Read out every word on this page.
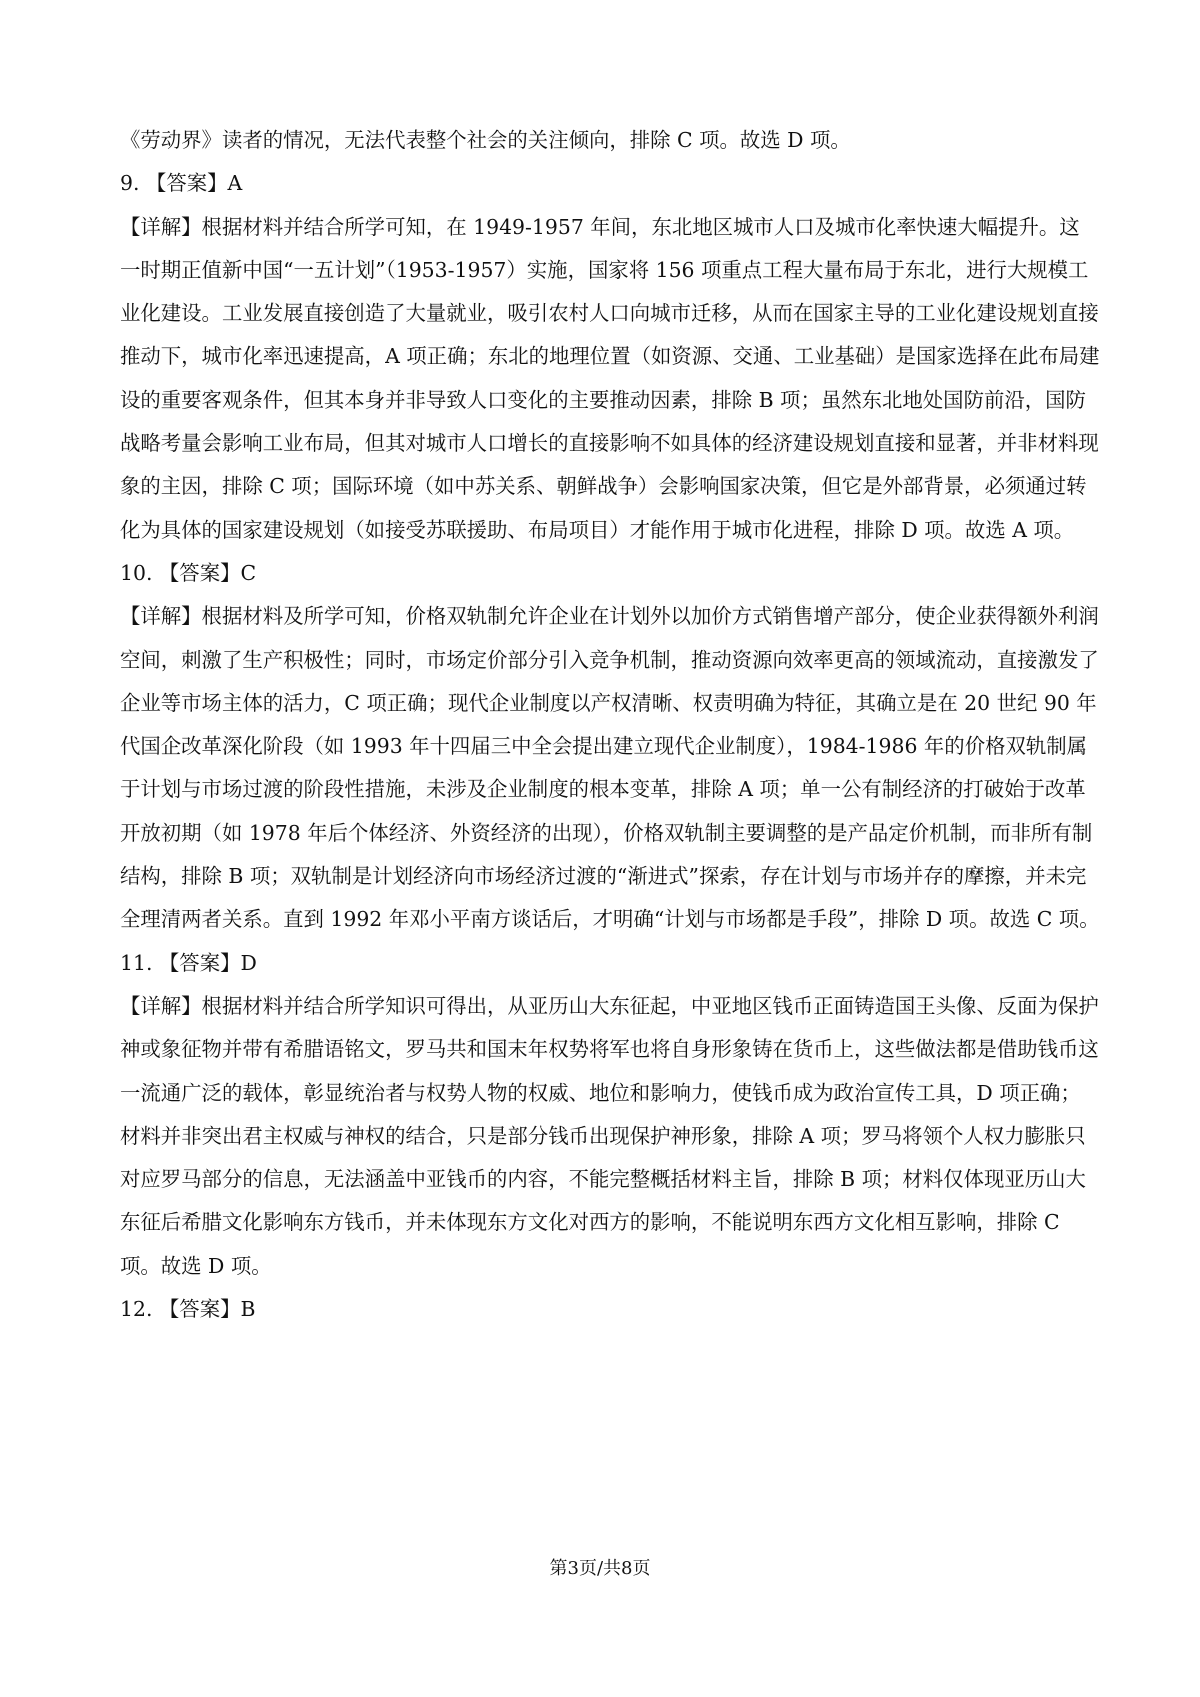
《劳动界》读者的情况，无法代表整个社会的关注倾向，排除 C 项。故选 D 项。

9. 【答案】A

【详解】根据材料并结合所学可知，在 1949-1957 年间，东北地区城市人口及城市化率快速大幅提升。这一时期正值新中国“一五计划”（1953-1957）实施，国家将 156 项重点工程大量布局于东北，进行大规模工业化建设。工业发展直接创造了大量就业，吸引农村人口向城市迁移，从而在国家主导的工业化建设规划直接推动下，城市化率迅速提高，A 项正确；东北的地理位置（如资源、交通、工业基础）是国家选择在此布局建设的重要客观条件，但其本身并非导致人口变化的主要推动因素，排除 B 项；虽然东北地处国防前沿，国防战略考量会影响工业布局，但其对城市人口增长的直接影响不如具体的经济建设规划直接和显著，并非材料现象的主因，排除 C 项；国际环境（如中苏关系、朝鲜战争）会影响国家决策，但它是外部背景，必须通过转化为具体的国家建设规划（如接受苏联援助、布局项目）才能作用于城市化进程，排除 D 项。故选 A 项。

10. 【答案】C

【详解】根据材料及所学可知，价格双轨制允许企业在计划外以加价方式销售增产部分，使企业获得额外利润空间，刺激了生产积极性；同时，市场定价部分引入竞争机制，推动资源向效率更高的领域流动，直接激发了企业等市场主体的活力，C 项正确；现代企业制度以产权清晰、权责明确为特征，其确立是在 20 世纪 90 年代国企改革深化阶段（如 1993 年十四届三中全会提出建立现代企业制度），1984-1986 年的价格双轨制属于计划与市场过渡的阶段性措施，未涉及企业制度的根本变革，排除 A 项；单一公有制经济的打破始于改革开放初期（如 1978 年后个体经济、外资经济的出现），价格双轨制主要调整的是产品定价机制，而非所有制结构，排除 B 项；双轨制是计划经济向市场经济过渡的“渐进式”探索，存在计划与市场并存的摩擦，并未完全理清两者关系。直到 1992 年邓小平南方谈话后，才明确“计划与市场都是手段”，排除 D 项。故选 C 项。

11. 【答案】D

【详解】根据材料并结合所学知识可得出，从亚历山大东征起，中亚地区钱币正面铸造国王头像、反面为保护神或象征物并带有希腊语铭文，罗马共和国末年权势将军也将自身形象铸在货币上，这些做法都是借助钱币这一流通广泛的载体，彰显统治者与权势人物的权威、地位和影响力，使钱币成为政治宣传工具，D 项正确；材料并非突出君主权威与神权的结合，只是部分钱币出现保护神形象，排除 A 项；罗马将领个人权力膨胀只对应罗马部分的信息，无法涵盖中亚钱币的内容，不能完整概括材料主旨，排除 B 项；材料仅体现亚历山大东征后希腊文化影响东方钱币，并未体现东方文化对西方的影响，不能说明东西方文化相互影响，排除 C 项。故选 D 项。

12. 【答案】B

第3页/共8页
